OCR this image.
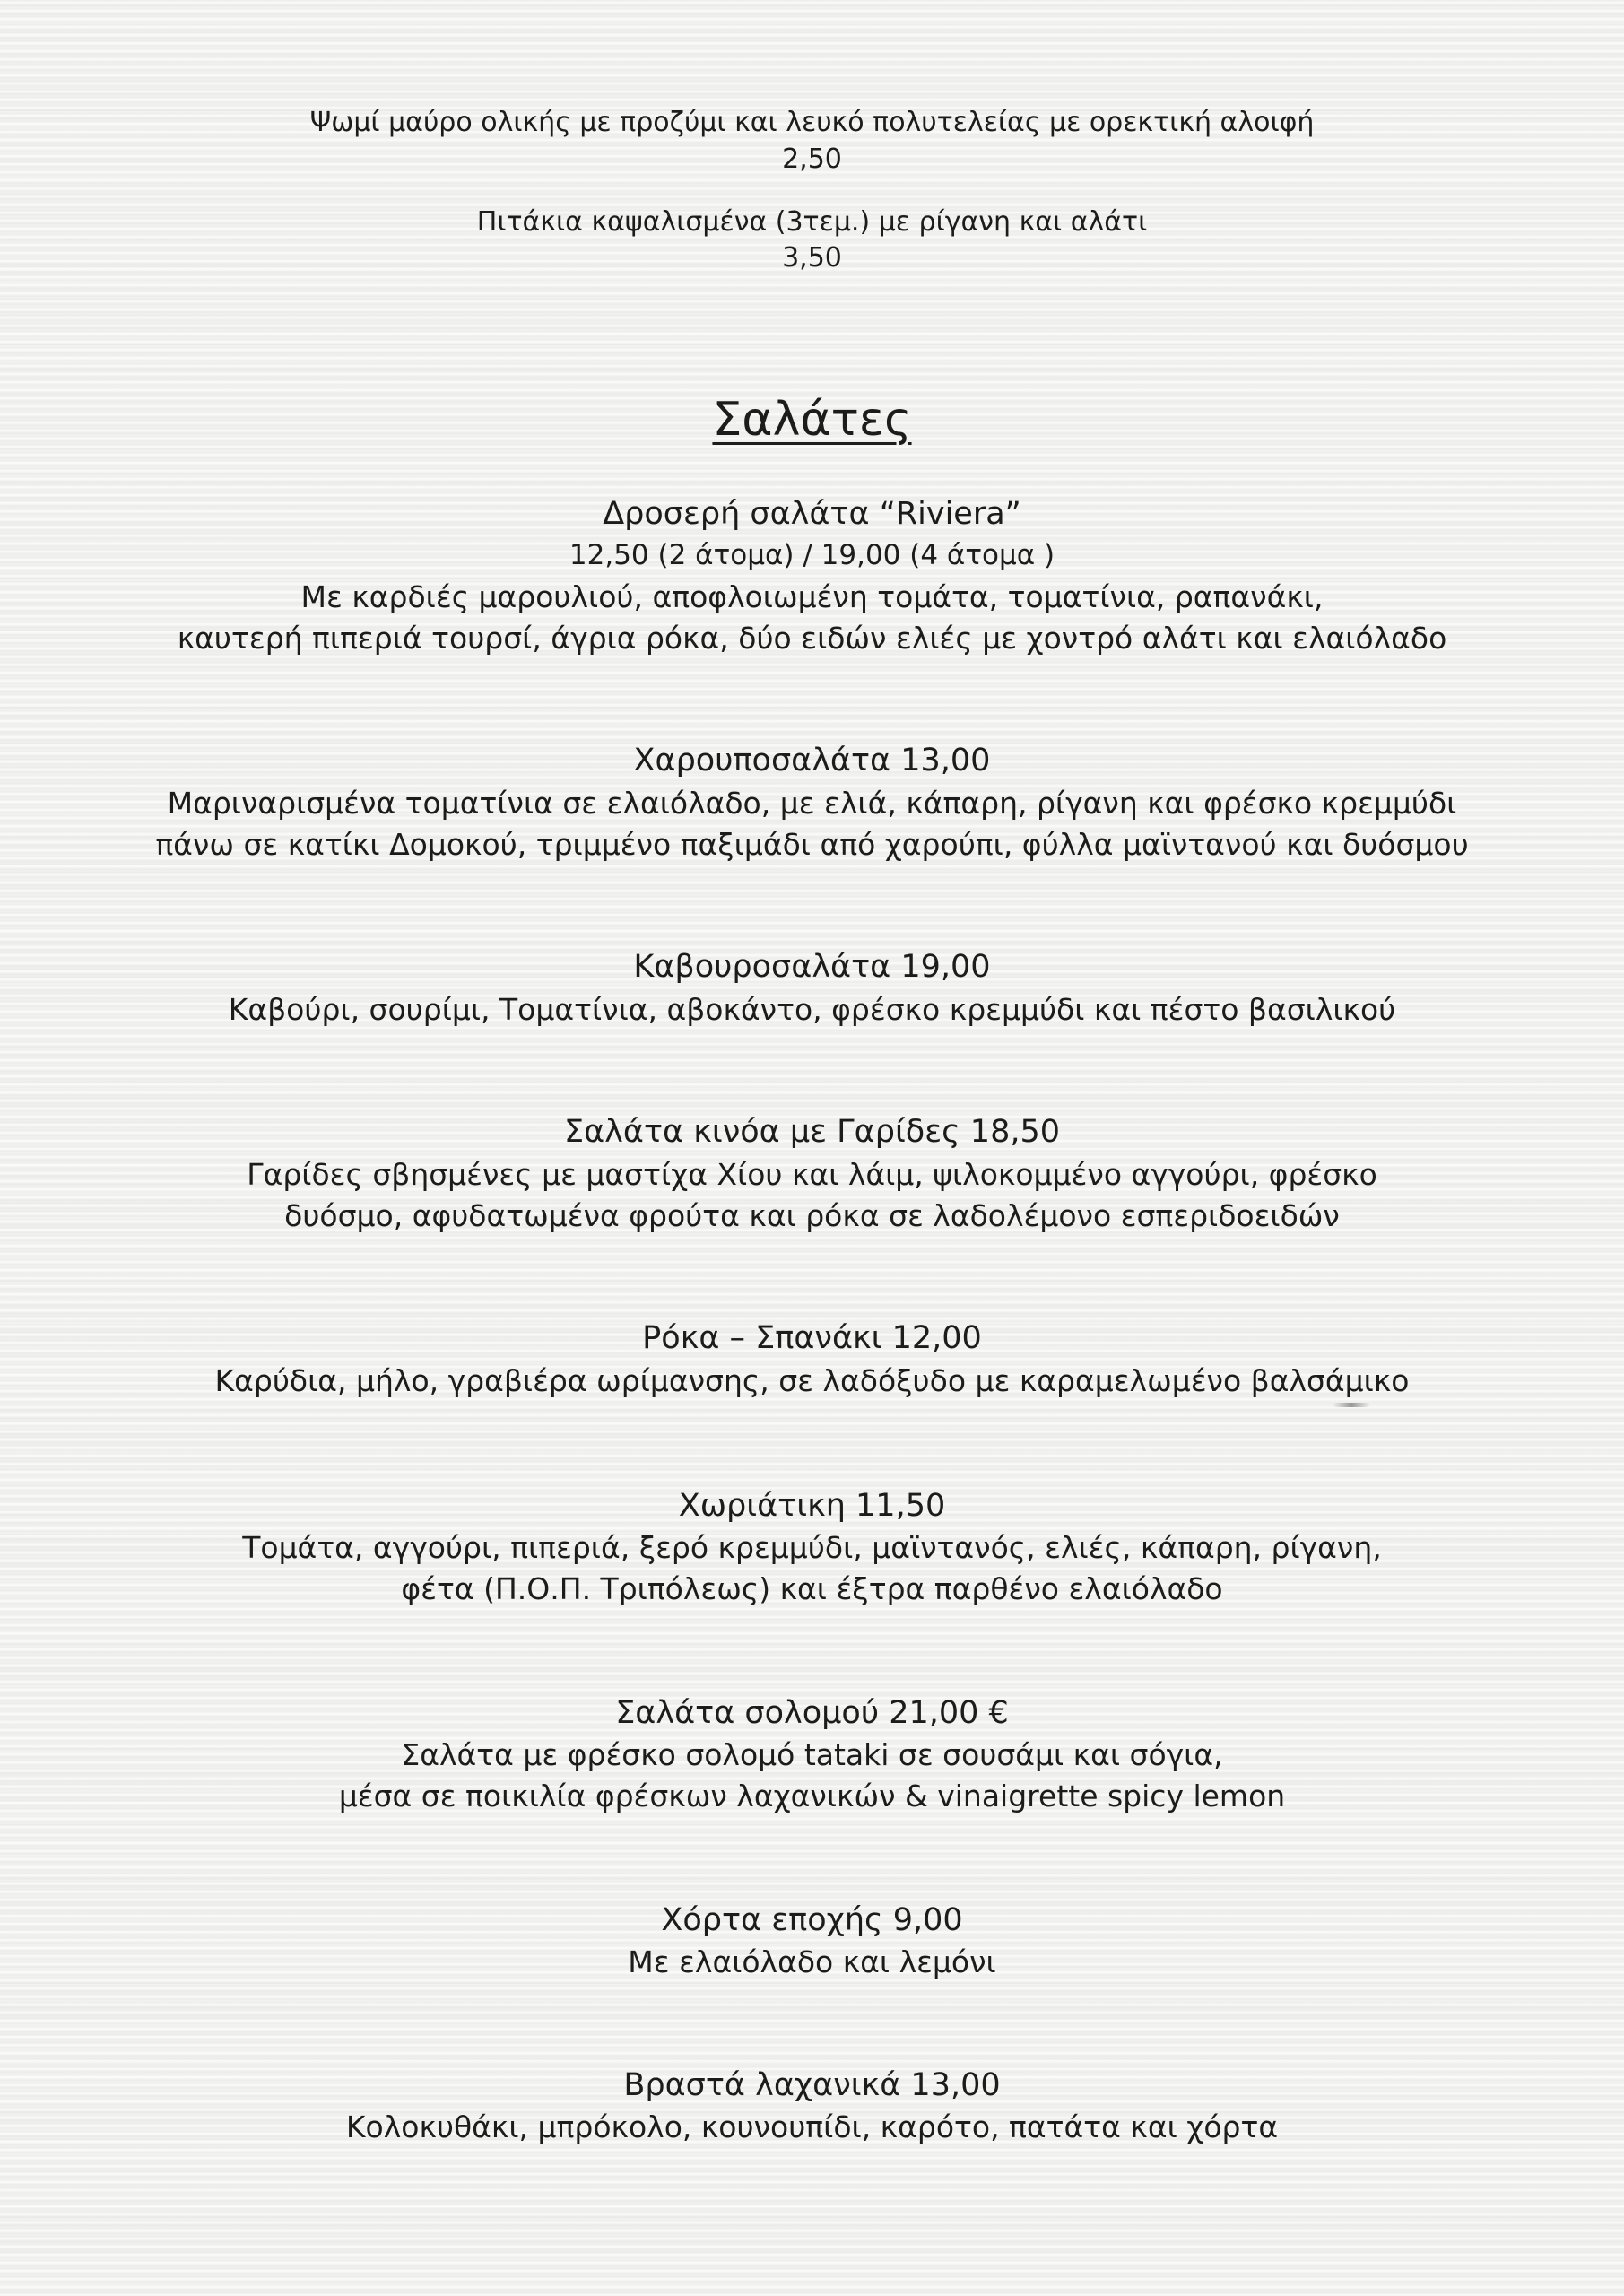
Ψωμί μαύρο ολικής με προζύμι και λευκό πολυτελείας με ορεκτική αλοιφή
2,50
Πιτάκια καψαλισμένα (3τεμ.) με ρίγανη και αλάτι
3,50
Σαλάτες
Δροσερή σαλάτα “Riviera”
12,50 (2 άτομα) / 19,00 (4 άτομα )
Με καρδιές μαρουλιού, αποφλοιωμένη τομάτα, τοματίνια, ραπανάκι,
καυτερή πιπεριά τουρσί, άγρια ρόκα, δύο ειδών ελιές με χοντρό αλάτι και ελαιόλαδο
Χαρουποσαλάτα 13,00
Μαριναρισμένα τοματίνια σε ελαιόλαδο, με ελιά, κάπαρη, ρίγανη και φρέσκο κρεμμύδι
πάνω σε κατίκι Δομοκού, τριμμένο παξιμάδι από χαρούπι, φύλλα μαϊντανού και δυόσμου
Καβουροσαλάτα 19,00
Καβούρι, σουρίμι, Τοματίνια, αβοκάντο, φρέσκο κρεμμύδι και πέστο βασιλικού
Σαλάτα κινόα με Γαρίδες 18,50
Γαρίδες σβησμένες με μαστίχα Χίου και λάιμ, ψιλοκομμένο αγγούρι, φρέσκο
δυόσμο, αφυδατωμένα φρούτα και ρόκα σε λαδολέμονο εσπεριδοειδών
Ρόκα – Σπανάκι 12,00
Καρύδια, μήλο, γραβιέρα ωρίμανσης, σε λαδόξυδο με καραμελωμένο βαλσάμικο
Χωριάτικη 11,50
Τομάτα, αγγούρι, πιπεριά, ξερό κρεμμύδι, μαϊντανός, ελιές, κάπαρη, ρίγανη,
φέτα (Π.Ο.Π. Τριπόλεως) και έξτρα παρθένο ελαιόλαδο
Σαλάτα σολομού 21,00 €
Σαλάτα με φρέσκο σολομό tataki σε σουσάμι και σόγια,
μέσα σε ποικιλία φρέσκων λαχανικών & vinaigrette spicy lemon
Χόρτα εποχής 9,00
Με ελαιόλαδο και λεμόνι
Βραστά λαχανικά 13,00
Κολοκυθάκι, μπρόκολο, κουνουπίδι, καρότο, πατάτα και χόρτα
